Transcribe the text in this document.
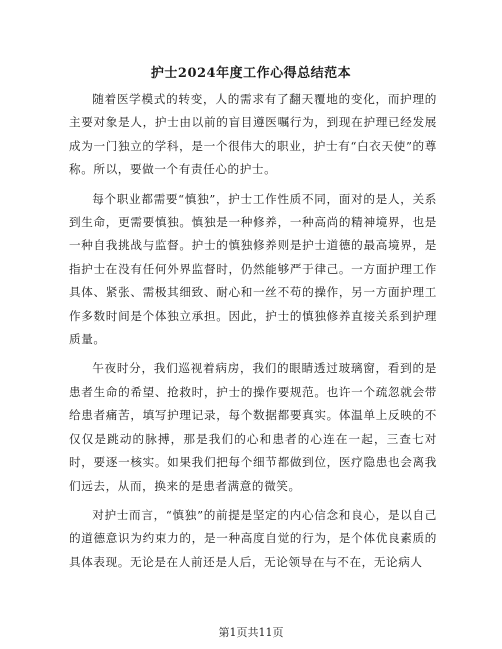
护士2024年度工作心得总结范本

随着医学模式的转变，人的需求有了翻天覆地的变化，而护理的主要对象是人，护士由以前的盲目遵医嘱行为，到现在护理已经发展成为一门独立的学科，是一个很伟大的职业，护士有“白衣天使”的尊称。所以，要做一个有责任心的护士。

每个职业都需要“慎独”，护士工作性质不同，面对的是人，关系到生命，更需要慎独。慎独是一种修养，一种高尚的精神境界，也是一种自我挑战与监督。护士的慎独修养则是护士道德的最高境界，是指护士在没有任何外界监督时，仍然能够严于律己。一方面护理工作具体、紧张、需极其细致、耐心和一丝不苟的操作，另一方面护理工作多数时间是个体独立承担。因此，护士的慎独修养直接关系到护理质量。

午夜时分，我们巡视着病房，我们的眼睛透过玻璃窗，看到的是患者生命的希望、抢救时，护士的操作要规范。也许一个疏忽就会带给患者痛苦，填写护理记录，每个数据都要真实。体温单上反映的不仅仅是跳动的脉搏，那是我们的心和患者的心连在一起，三查七对时，要逐一核实。如果我们把每个细节都做到位，医疗隐患也会离我们远去，从而，换来的是患者满意的微笑。

对护士而言，“慎独”的前提是坚定的内心信念和良心，是以自己的道德意识为约束力的，是一种高度自觉的行为，是个体优良素质的具体表现。无论是在人前还是人后，无论领导在与不在，无论病人

第1页共11页
